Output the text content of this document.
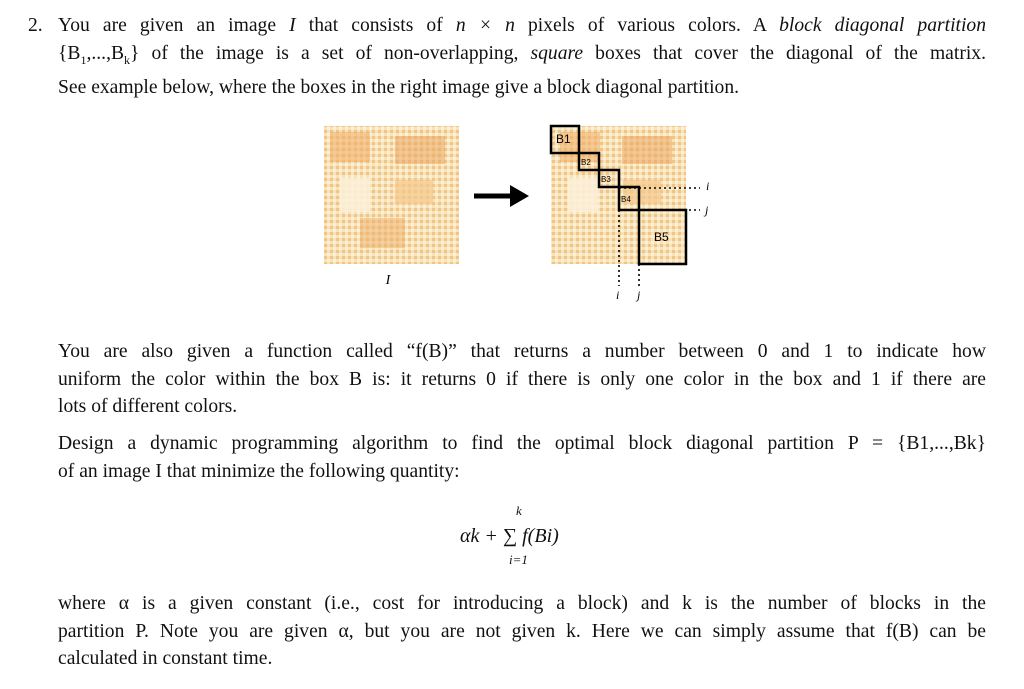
2. You are given an image I that consists of n × n pixels of various colors. A block diagonal partition
$\{B_1,...,B_k\}$ of the image is a set of non-overlapping, square boxes that cover the diagonal of the matrix.
See example below, where the boxes in the right image give a block diagonal partition.
I
B1
B2
B3
B4
B5
i
j
i j
You are also given a function called “f(B)” that returns a number between 0 and 1 to indicate how
uniform the color within the box B is: it returns 0 if there is only one color in the box and 1 if there are
lots of different colors.
Design a dynamic programming algorithm to find the optimal block diagonal partition P = {B1,...,Bk}
of an image I that minimize the following quantity:
k
αk + ∑ f(Bi)
i=1
where α is a given constant (i.e., cost for introducing a block) and k is the number of blocks in the
partition P. Note you are given α, but you are not given k. Here we can simply assume that f(B) can be
calculated in constant time.
